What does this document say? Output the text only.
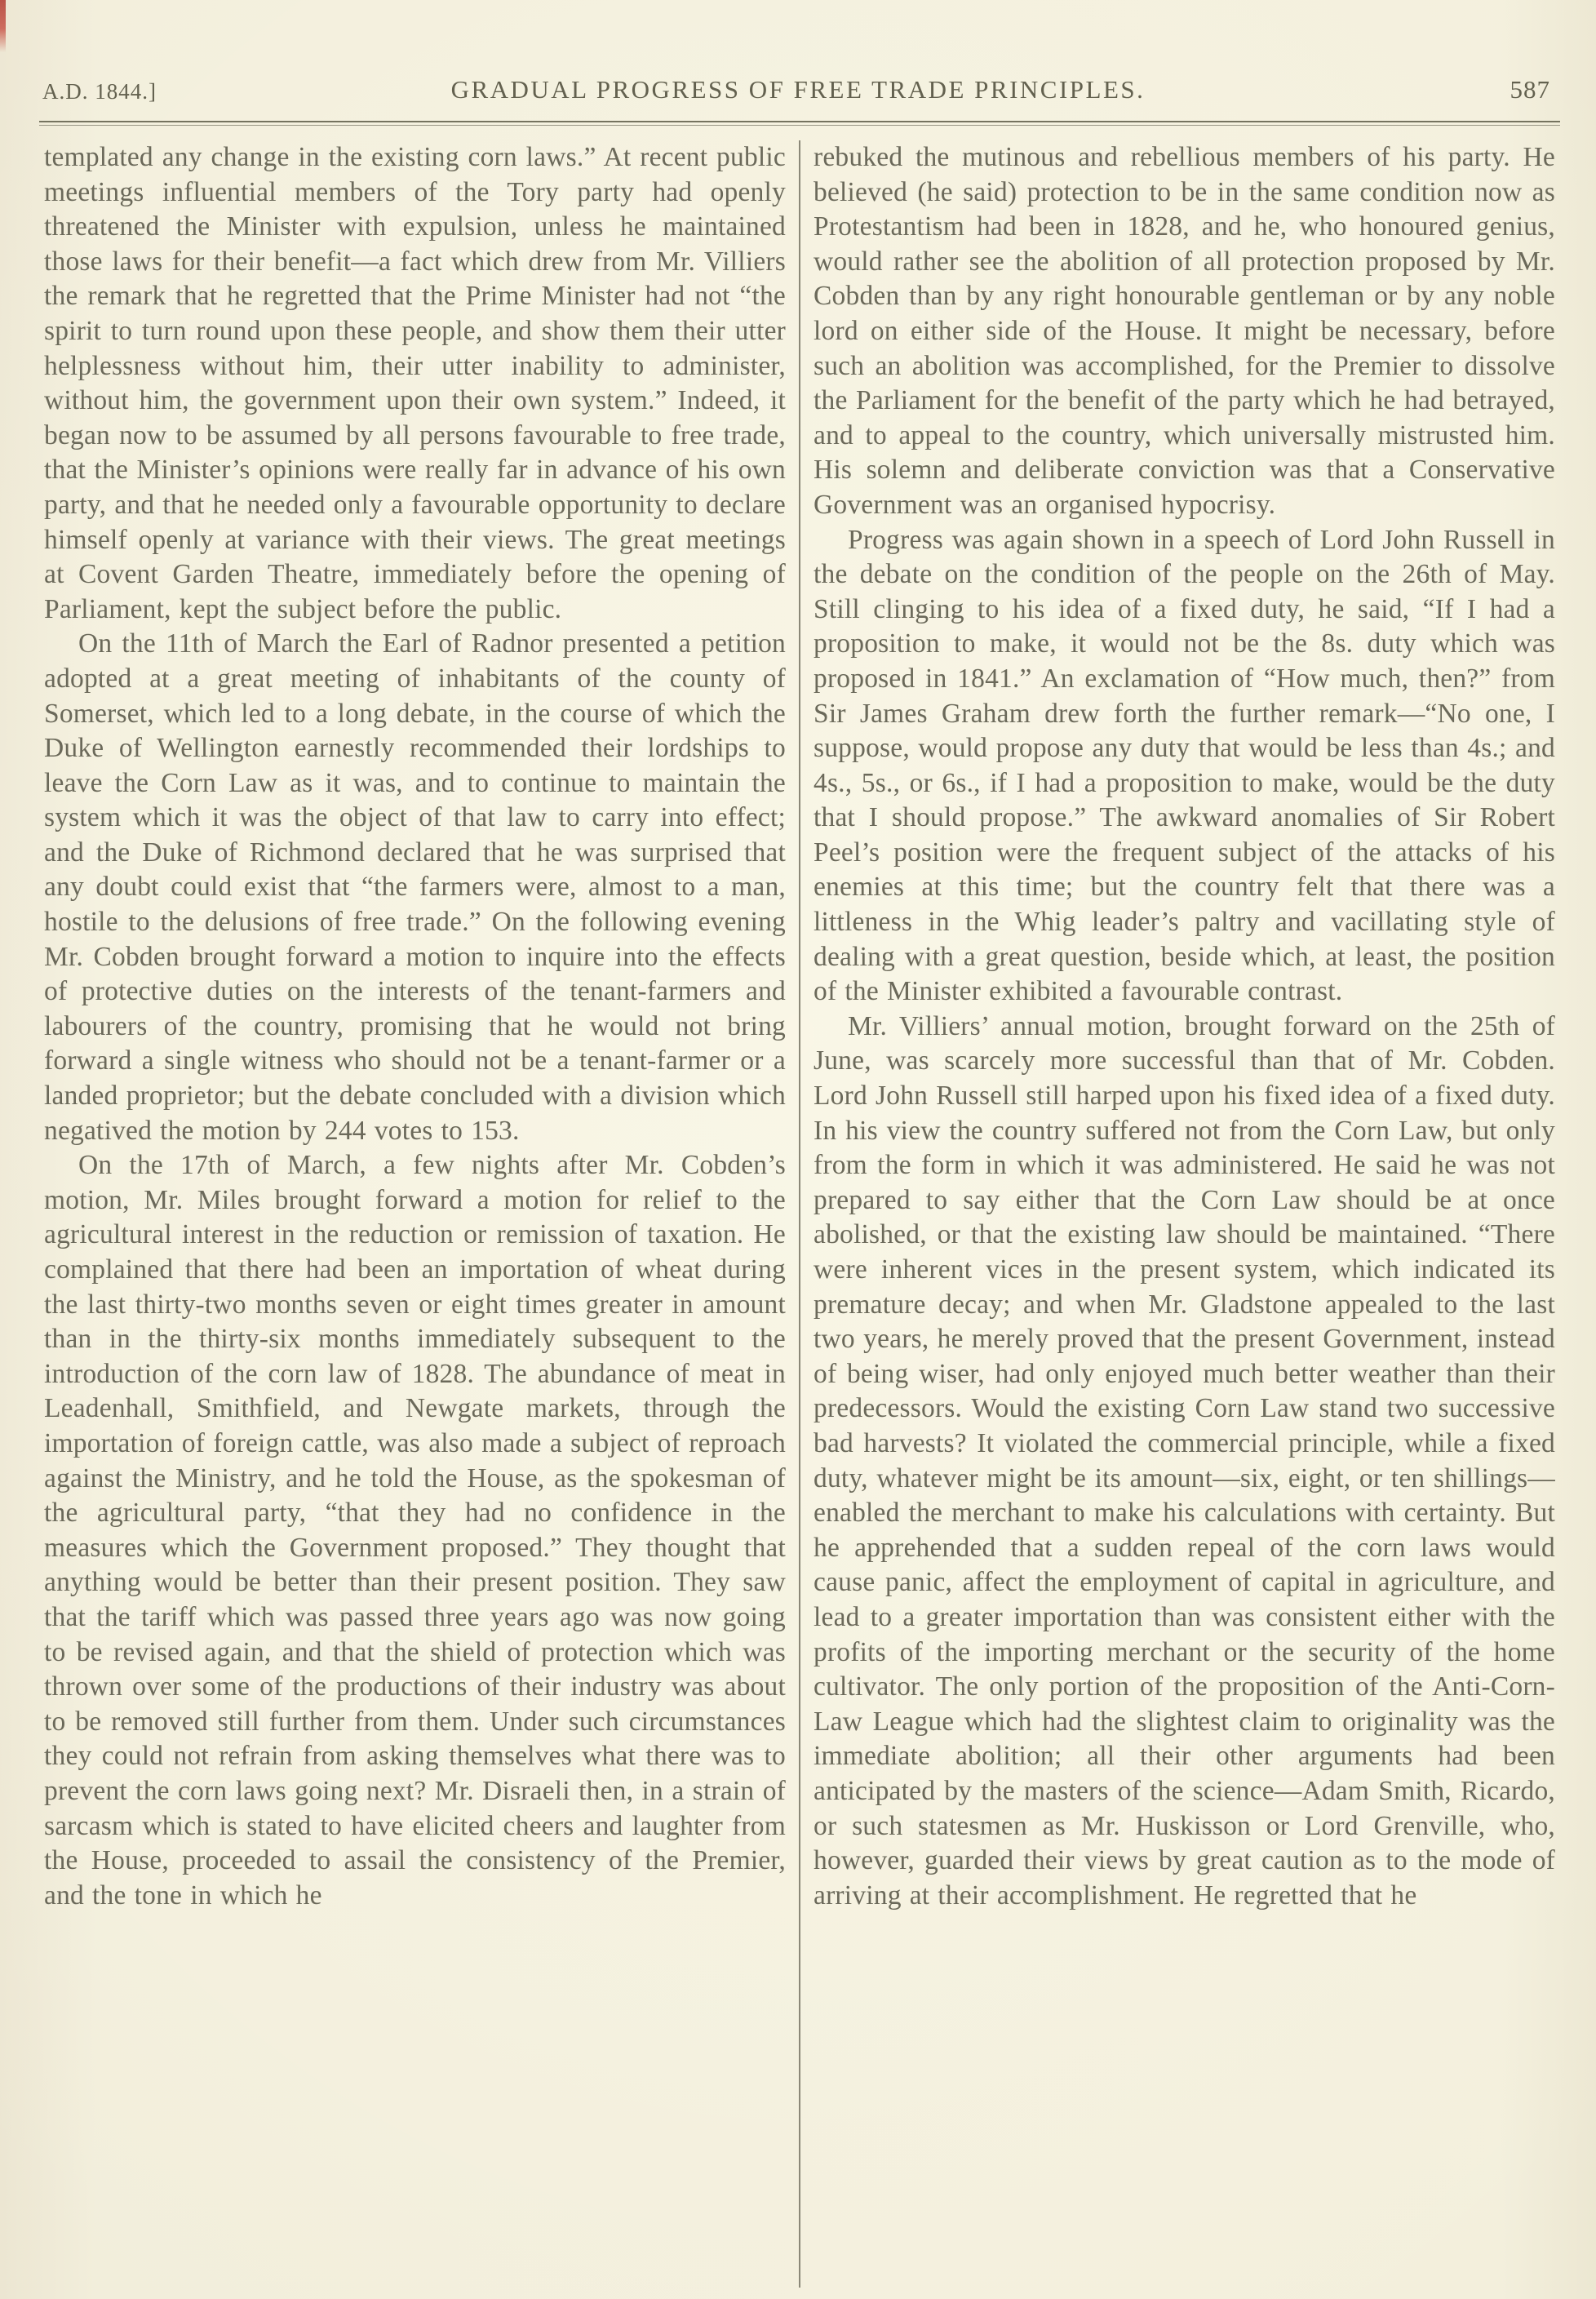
A.D. 1844.]	GRADUAL PROGRESS OF FREE TRADE PRINCIPLES.	587

templated any change in the existing corn laws.” At recent public meetings influential members of the Tory party had openly threatened the Minister with expulsion, unless he maintained those laws for their benefit—a fact which drew from Mr. Villiers the remark that he regretted that the Prime Minister had not “the spirit to turn round upon these people, and show them their utter helplessness without him, their utter inability to administer, without him, the government upon their own system.” Indeed, it began now to be assumed by all persons favourable to free trade, that the Minister’s opinions were really far in advance of his own party, and that he needed only a favourable opportunity to declare himself openly at variance with their views. The great meetings at Covent Garden Theatre, immediately before the opening of Parliament, kept the subject before the public.

On the 11th of March the Earl of Radnor presented a petition adopted at a great meeting of inhabitants of the county of Somerset, which led to a long debate, in the course of which the Duke of Wellington earnestly recommended their lordships to leave the Corn Law as it was, and to continue to maintain the system which it was the object of that law to carry into effect; and the Duke of Richmond declared that he was surprised that any doubt could exist that “the farmers were, almost to a man, hostile to the delusions of free trade.” On the following evening Mr. Cobden brought forward a motion to inquire into the effects of protective duties on the interests of the tenant-farmers and labourers of the country, promising that he would not bring forward a single witness who should not be a tenant-farmer or a landed proprietor; but the debate concluded with a division which negatived the motion by 244 votes to 153.

On the 17th of March, a few nights after Mr. Cobden’s motion, Mr. Miles brought forward a motion for relief to the agricultural interest in the reduction or remission of taxation. He complained that there had been an importation of wheat during the last thirty-two months seven or eight times greater in amount than in the thirty-six months immediately subsequent to the introduction of the corn law of 1828. The abundance of meat in Leadenhall, Smithfield, and Newgate markets, through the importation of foreign cattle, was also made a subject of reproach against the Ministry, and he told the House, as the spokesman of the agricultural party, “that they had no confidence in the measures which the Government proposed.” They thought that anything would be better than their present position. They saw that the tariff which was passed three years ago was now going to be revised again, and that the shield of protection which was thrown over some of the productions of their industry was about to be removed still further from them. Under such circumstances they could not refrain from asking themselves what there was to prevent the corn laws going next? Mr. Disraeli then, in a strain of sarcasm which is stated to have elicited cheers and laughter from the House, proceeded to assail the consistency of the Premier, and the tone in which he

rebuked the mutinous and rebellious members of his party. He believed (he said) protection to be in the same condition now as Protestantism had been in 1828, and he, who honoured genius, would rather see the abolition of all protection proposed by Mr. Cobden than by any right honourable gentleman or by any noble lord on either side of the House. It might be necessary, before such an abolition was accomplished, for the Premier to dissolve the Parliament for the benefit of the party which he had betrayed, and to appeal to the country, which universally mistrusted him. His solemn and deliberate conviction was that a Conservative Government was an organised hypocrisy.

Progress was again shown in a speech of Lord John Russell in the debate on the condition of the people on the 26th of May. Still clinging to his idea of a fixed duty, he said, “If I had a proposition to make, it would not be the 8s. duty which was proposed in 1841.” An exclamation of “How much, then?” from Sir James Graham drew forth the further remark—“No one, I suppose, would propose any duty that would be less than 4s.; and 4s., 5s., or 6s., if I had a proposition to make, would be the duty that I should propose.” The awkward anomalies of Sir Robert Peel’s position were the frequent subject of the attacks of his enemies at this time; but the country felt that there was a littleness in the Whig leader’s paltry and vacillating style of dealing with a great question, beside which, at least, the position of the Minister exhibited a favourable contrast.

Mr. Villiers’ annual motion, brought forward on the 25th of June, was scarcely more successful than that of Mr. Cobden. Lord John Russell still harped upon his fixed idea of a fixed duty. In his view the country suffered not from the Corn Law, but only from the form in which it was administered. He said he was not prepared to say either that the Corn Law should be at once abolished, or that the existing law should be maintained. “There were inherent vices in the present system, which indicated its premature decay; and when Mr. Gladstone appealed to the last two years, he merely proved that the present Government, instead of being wiser, had only enjoyed much better weather than their predecessors. Would the existing Corn Law stand two successive bad harvests? It violated the commercial principle, while a fixed duty, whatever might be its amount—six, eight, or ten shillings—enabled the merchant to make his calculations with certainty. But he apprehended that a sudden repeal of the corn laws would cause panic, affect the employment of capital in agriculture, and lead to a greater importation than was consistent either with the profits of the importing merchant or the security of the home cultivator. The only portion of the proposition of the Anti-Corn-Law League which had the slightest claim to originality was the immediate abolition; all their other arguments had been anticipated by the masters of the science—Adam Smith, Ricardo, or such statesmen as Mr. Huskisson or Lord Grenville, who, however, guarded their views by great caution as to the mode of arriving at their accomplishment. He regretted that he
